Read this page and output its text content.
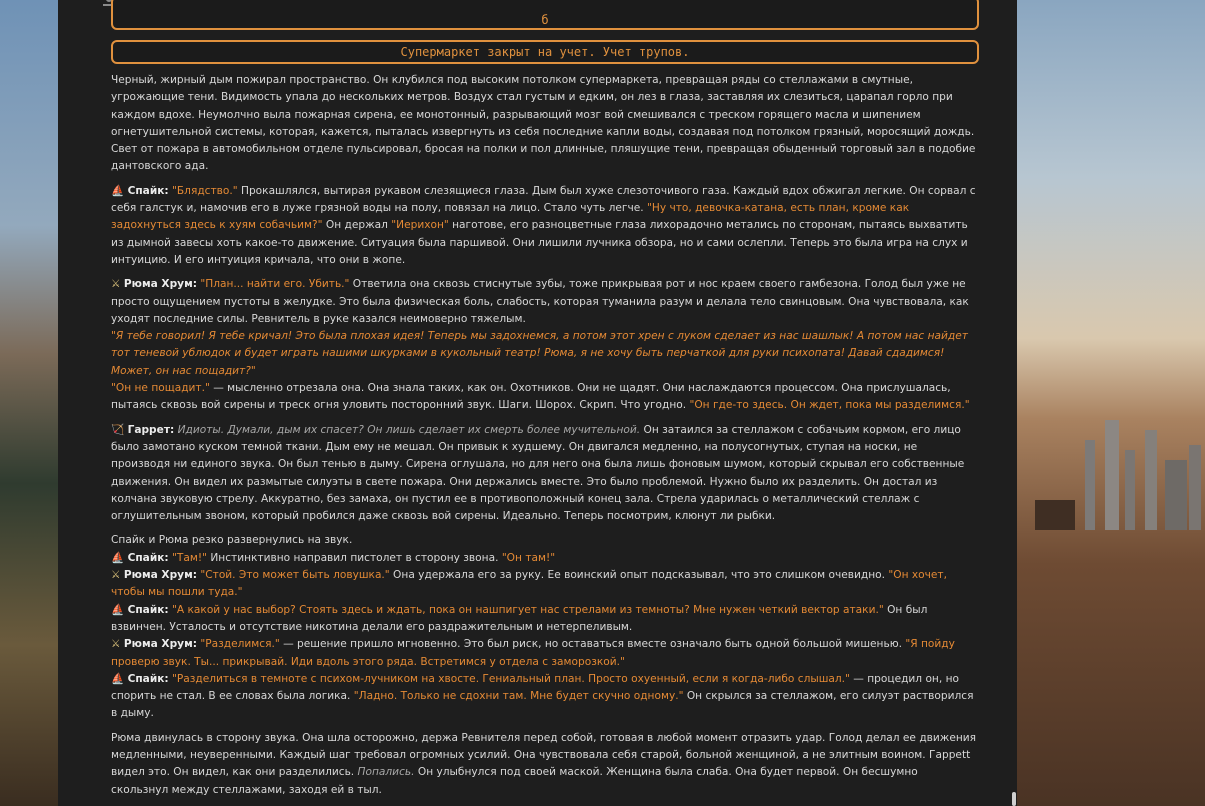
б
Супермаркет закрыт на учет. Учет трупов.

Черный, жирный дым пожирал пространство. Он клубился под высоким потолком супермаркета, превращая ряды со стеллажами в смутные, угрожающие тени. Видимость упала до нескольких метров. Воздух стал густым и едким, он лез в глаза, заставляя их слезиться, царапал горло при каждом вдохе. Неумолчно выла пожарная сирена, ее монотонный, разрывающий мозг вой смешивался с треском горящего масла и шипением огнетушительной системы, которая, кажется, пыталась извергнуть из себя последние капли воды, создавая под потолком грязный, моросящий дождь. Свет от пожара в автомобильном отделе пульсировал, бросая на полки и пол длинные, пляшущие тени, превращая обыденный торговый зал в подобие дантовского ада.

⛵ Спайк: "Блядство." Прокашлялся, вытирая рукавом слезящиеся глаза. Дым был хуже слезоточивого газа. Каждый вдох обжигал легкие. Он сорвал с себя галстук и, намочив его в луже грязной воды на полу, повязал на лицо. Стало чуть легче. "Ну что, девочка-катана, есть план, кроме как задохнуться здесь к хуям собачьим?" Он держал "Иерихон" наготове, его разноцветные глаза лихорадочно метались по сторонам, пытаясь выхватить из дымной завесы хоть какое-то движение. Ситуация была паршивой. Они лишили лучника обзора, но и сами ослепли. Теперь это была игра на слух и интуицию. И его интуиция кричала, что они в жопе.

⚔ Рюма Хрум: "План... найти его. Убить." Ответила она сквозь стиснутые зубы, тоже прикрывая рот и нос краем своего гамбезона. Голод был уже не просто ощущением пустоты в желудке. Это была физическая боль, слабость, которая туманила разум и делала тело свинцовым. Она чувствовала, как уходят последние силы. Ревнитель в руке казался неимоверно тяжелым.
"Я тебе говорил! Я тебе кричал! Это была плохая идея! Теперь мы задохнемся, а потом этот хрен с луком сделает из нас шашлык! А потом нас найдет тот теневой ублюдок и будет играть нашими шкурками в кукольный театр! Рюма, я не хочу быть перчаткой для руки психопата! Давай сдадимся! Может, он нас пощадит?"
"Он не пощадит." — мысленно отрезала она. Она знала таких, как он. Охотников. Они не щадят. Они наслаждаются процессом. Она прислушалась, пытаясь сквозь вой сирены и треск огня уловить посторонний звук. Шаги. Шорох. Скрип. Что угодно. "Он где-то здесь. Он ждет, пока мы разделимся."

🏹 Гаррет: Идиоты. Думали, дым их спасет? Он лишь сделает их смерть более мучительной. Он затаился за стеллажом с собачьим кормом, его лицо было замотано куском темной ткани. Дым ему не мешал. Он привык к худшему. Он двигался медленно, на полусогнутых, ступая на носки, не производя ни единого звука. Он был тенью в дыму. Сирена оглушала, но для него она была лишь фоновым шумом, который скрывал его собственные движения. Он видел их размытые силуэты в свете пожара. Они держались вместе. Это было проблемой. Нужно было их разделить. Он достал из колчана звуковую стрелу. Аккуратно, без замаха, он пустил ее в противоположный конец зала. Стрела ударилась о металлический стеллаж с оглушительным звоном, который пробился даже сквозь вой сирены. Идеально. Теперь посмотрим, клюнут ли рыбки.

Спайк и Рюма резко развернулись на звук.
⛵ Спайк: "Там!" Инстинктивно направил пистолет в сторону звона. "Он там!"
⚔ Рюма Хрум: "Стой. Это может быть ловушка." Она удержала его за руку. Ее воинский опыт подсказывал, что это слишком очевидно. "Он хочет, чтобы мы пошли туда."
⛵ Спайк: "А какой у нас выбор? Стоять здесь и ждать, пока он нашпигует нас стрелами из темноты? Мне нужен четкий вектор атаки." Он был взвинчен. Усталость и отсутствие никотина делали его раздражительным и нетерпеливым.
⚔ Рюма Хрум: "Разделимся." — решение пришло мгновенно. Это был риск, но оставаться вместе означало быть одной большой мишенью. "Я пойду проверю звук. Ты... прикрывай. Иди вдоль этого ряда. Встретимся у отдела с заморозкой."
⛵ Спайк: "Разделиться в темноте с психом-лучником на хвосте. Гениальный план. Просто охуенный, если я когда-либо слышал." — процедил он, но спорить не стал. В ее словах была логика. "Ладно. Только не сдохни там. Мне будет скучно одному." Он скрылся за стеллажом, его силуэт растворился в дыму.

Рюма двинулась в сторону звука. Она шла осторожно, держа Ревнителя перед собой, готовая в любой момент отразить удар. Голод делал ее движения медленными, неуверенными. Каждый шаг требовал огромных усилий. Она чувствовала себя старой, больной женщиной, а не элитным воином. Гаррett видел это. Он видел, как они разделились. Попались. Он улыбнулся под своей маской. Женщина была слаба. Она будет первой. Он бесшумно скользнул между стеллажами, заходя ей в тыл.
